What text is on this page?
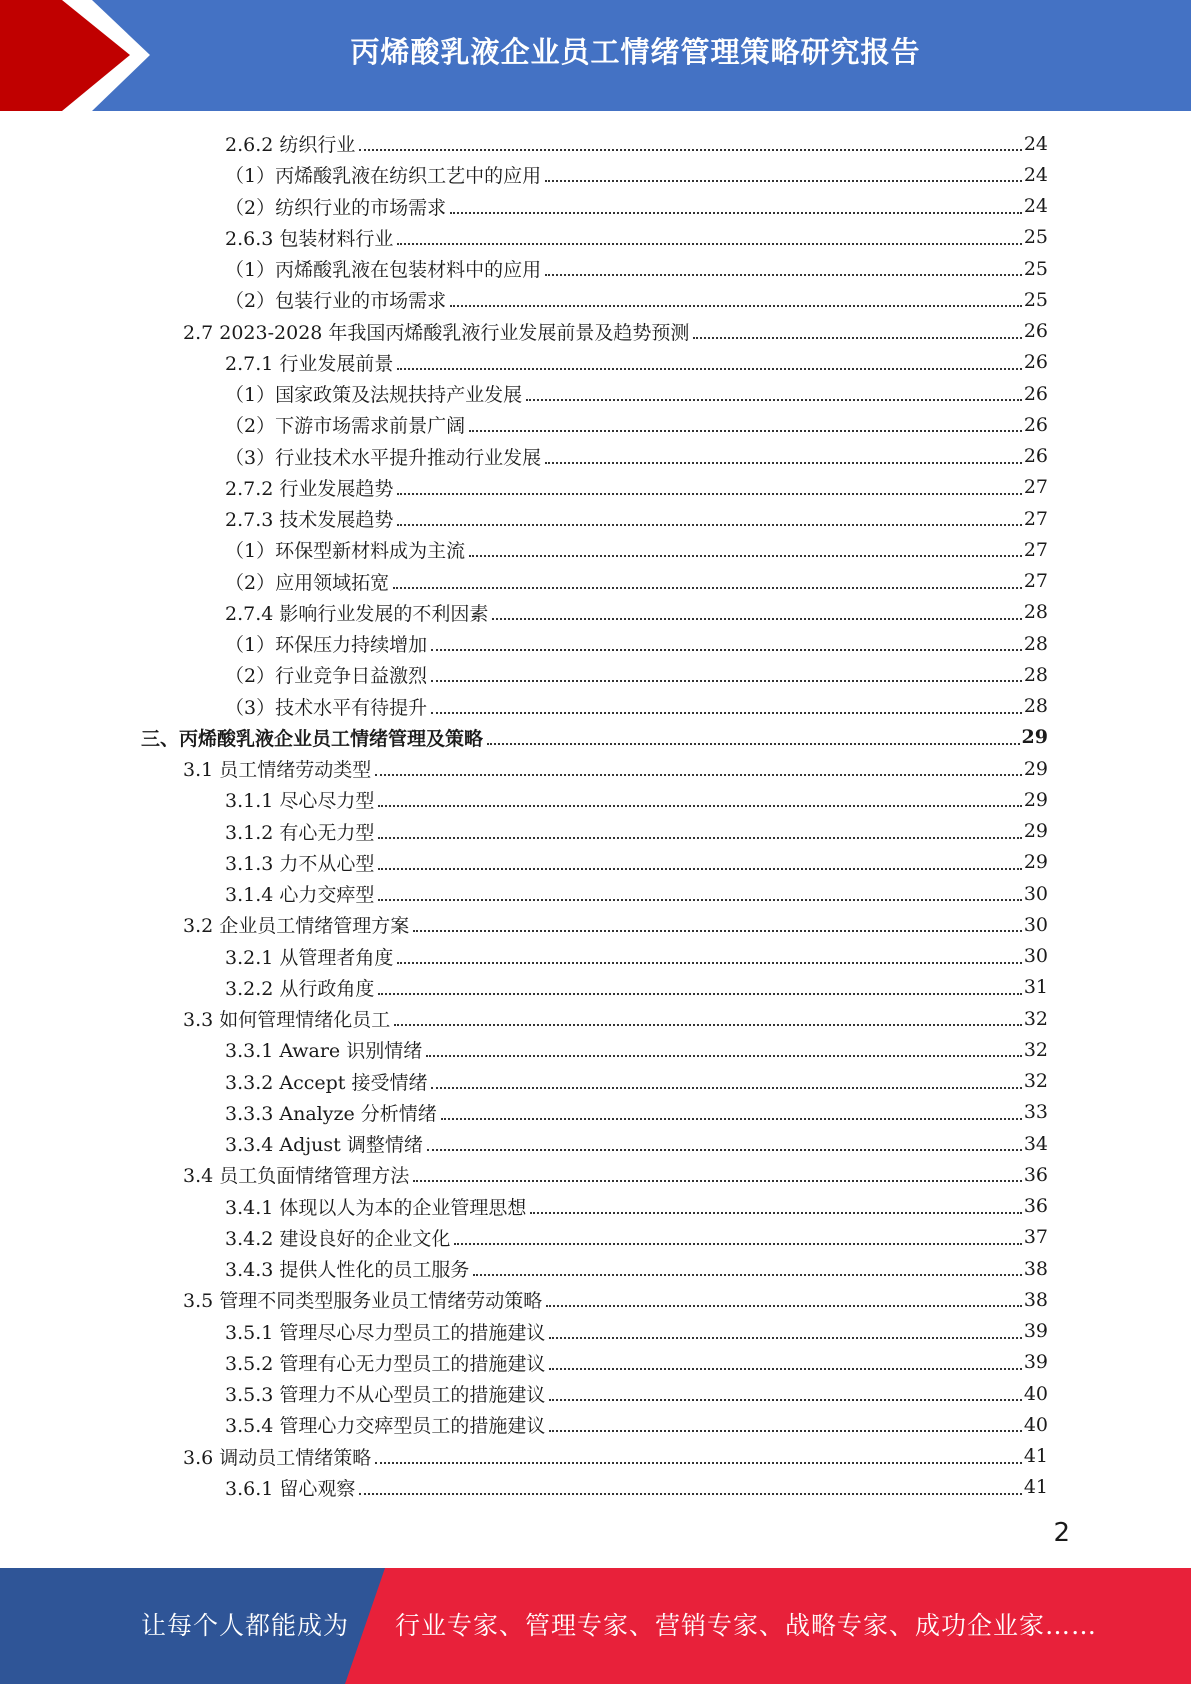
丙烯酸乳液企业员工情绪管理策略研究报告
2.6.2 纺织行业	24
（1）丙烯酸乳液在纺织工艺中的应用	24
（2）纺织行业的市场需求	24
2.6.3 包装材料行业	25
（1）丙烯酸乳液在包装材料中的应用	25
（2）包装行业的市场需求	25
2.7 2023-2028 年我国丙烯酸乳液行业发展前景及趋势预测	26
2.7.1 行业发展前景	26
（1）国家政策及法规扶持产业发展	26
（2）下游市场需求前景广阔	26
（3）行业技术水平提升推动行业发展	26
2.7.2 行业发展趋势	27
2.7.3 技术发展趋势	27
（1）环保型新材料成为主流	27
（2）应用领域拓宽	27
2.7.4 影响行业发展的不利因素	28
（1）环保压力持续增加	28
（2）行业竞争日益激烈	28
（3）技术水平有待提升	28
三、丙烯酸乳液企业员工情绪管理及策略	29
3.1 员工情绪劳动类型	29
3.1.1 尽心尽力型	29
3.1.2 有心无力型	29
3.1.3 力不从心型	29
3.1.4 心力交瘁型	30
3.2 企业员工情绪管理方案	30
3.2.1 从管理者角度	30
3.2.2 从行政角度	31
3.3 如何管理情绪化员工	32
3.3.1 Aware 识别情绪	32
3.3.2 Accept 接受情绪	32
3.3.3 Analyze 分析情绪	33
3.3.4 Adjust 调整情绪	34
3.4 员工负面情绪管理方法	36
3.4.1 体现以人为本的企业管理思想	36
3.4.2 建设良好的企业文化	37
3.4.3 提供人性化的员工服务	38
3.5 管理不同类型服务业员工情绪劳动策略	38
3.5.1 管理尽心尽力型员工的措施建议	39
3.5.2 管理有心无力型员工的措施建议	39
3.5.3 管理力不从心型员工的措施建议	40
3.5.4 管理心力交瘁型员工的措施建议	40
3.6 调动员工情绪策略	41
3.6.1 留心观察	41
2
让每个人都能成为	行业专家、管理专家、营销专家、战略专家、成功企业家……
